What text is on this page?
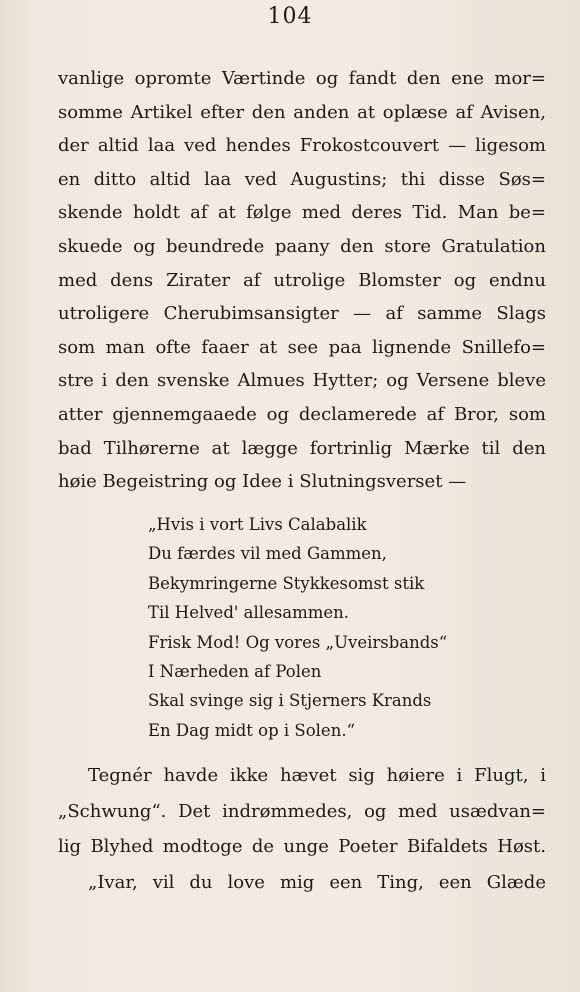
104
vanlige opromte Værtinde og fandt den ene mor=
somme Artikel efter den anden at oplæse af Avisen,
der altid laa ved hendes Frokostcouvert — ligesom
en ditto altid laa ved Augustins; thi disse Søs=
skende holdt af at følge med deres Tid. Man be=
skuede og beundrede paany den store Gratulation
med dens Zirater af utrolige Blomster og endnu
utroligere Cherubimsansigter — af samme Slags
som man ofte faaer at see paa lignende Snillefo=
stre i den svenske Almues Hytter; og Versene bleve
atter gjennemgaaede og declamerede af Bror, som
bad Tilhørerne at lægge fortrinlig Mærke til den
høie Begeistring og Idee i Slutningsverset —
„Hvis i vort Livs Calabalik
Du færdes vil med Gammen,
Bekymringerne Stykkesomst stik
Til Helved' allesammen.
Frisk Mod! Og vores „Uveirsbands“
I Nærheden af Polen
Skal svinge sig i Stjerners Krands
En Dag midt op i Solen.“
Tegnér havde ikke hævet sig høiere i Flugt, i
„Schwung“. Det indrømmedes, og med usædvan=
lig Blyhed modtoge de unge Poeter Bifaldets Høst.
„Ivar, vil du love mig een Ting, een Glæde
